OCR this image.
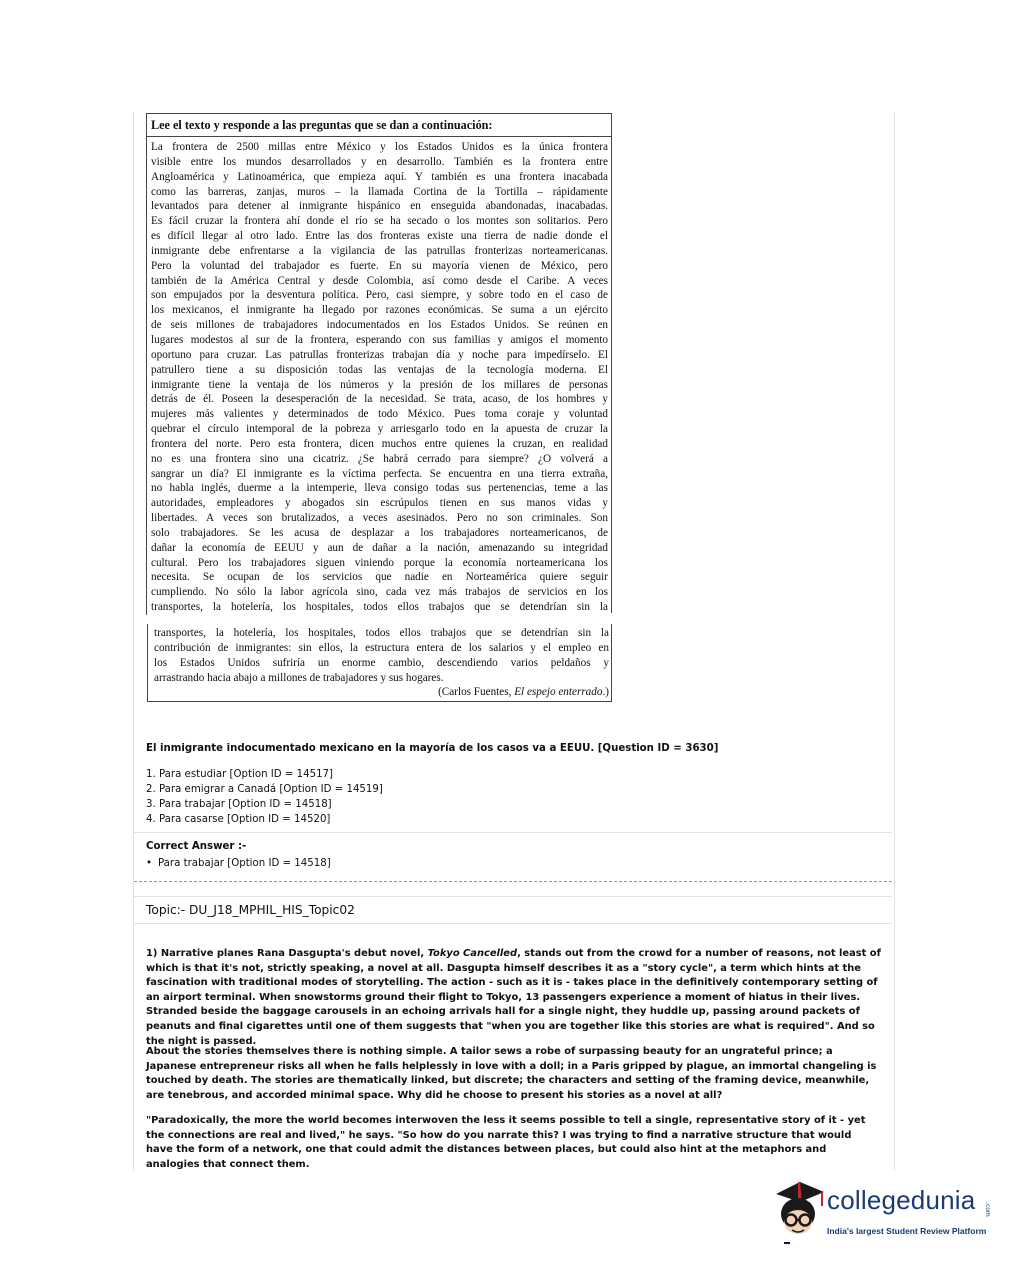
Lee el texto y responde a las preguntas que se dan a continuación:
La frontera de 2500 millas entre México y los Estados Unidos es la única frontera
visible entre los mundos desarrollados y en desarrollo. También es la frontera entre
Angloamérica y Latinoamérica, que empieza aquí. Y también es una frontera inacabada
como las barreras, zanjas, muros – la llamada Cortina de la Tortilla – rápidamente
levantados para detener al inmigrante hispánico en enseguida abandonadas, inacabadas.
Es fácil cruzar la frontera ahí donde el río se ha secado o los montes son solitarios. Pero
es difícil llegar al otro lado. Entre las dos fronteras existe una tierra de nadie donde el
inmigrante debe enfrentarse a la vigilancia de las patrullas fronterizas norteamericanas.
Pero la voluntad del trabajador es fuerte. En su mayoría vienen de México, pero
también de la América Central y desde Colombia, así como desde el Caribe. A veces
son empujados por la desventura política. Pero, casi siempre, y sobre todo en el caso de
los mexicanos, el inmigrante ha llegado por razones económicas. Se suma a un ejército
de seis millones de trabajadores indocumentados en los Estados Unidos. Se reúnen en
lugares modestos al sur de la frontera, esperando con sus familias y amigos el momento
oportuno para cruzar. Las patrullas fronterizas trabajan día y noche para impedírselo. El
patrullero tiene a su disposición todas las ventajas de la tecnología moderna. El
inmigrante tiene la ventaja de los números y la presión de los millares de personas
detrás de él. Poseen la desesperación de la necesidad. Se trata, acaso, de los hombres y
mujeres más valientes y determinados de todo México. Pues toma coraje y voluntad
quebrar el círculo intemporal de la pobreza y arriesgarlo todo en la apuesta de cruzar la
frontera del norte. Pero esta frontera, dicen muchos entre quienes la cruzan, en realidad
no es una frontera sino una cicatriz. ¿Se habrá cerrado para siempre? ¿O volverá a
sangrar un día? El inmigrante es la víctima perfecta. Se encuentra en una tierra extraña,
no habla inglés, duerme a la intemperie, lleva consigo todas sus pertenencias, teme a las
autoridades, empleadores y abogados sin escrúpulos tienen en sus manos vidas y
libertades. A veces son brutalizados, a veces asesinados. Pero no son criminales. Son
solo trabajadores. Se les acusa de desplazar a los trabajadores norteamericanos, de
dañar la economía de EEUU y aun de dañar a la nación, amenazando su integridad
cultural. Pero los trabajadores siguen viniendo porque la economía norteamericana los
necesita. Se ocupan de los servicios que nadie en Norteamérica quiere seguir
cumpliendo. No sólo la labor agrícola sino, cada vez más trabajos de servicios en los
transportes, la hotelería, los hospitales, todos ellos trabajos que se detendrían sin la
transportes, la hotelería, los hospitales, todos ellos trabajos que se detendrían sin la
contribución de inmigrantes: sin ellos, la estructura entera de los salarios y el empleo en
los Estados Unidos sufriría un enorme cambio, descendiendo varios peldaños y
arrastrando hacia abajo a millones de trabajadores y sus hogares.
(Carlos Fuentes, El espejo enterrado.)
El inmigrante indocumentado mexicano en la mayoría de los casos va a EEUU. [Question ID = 3630]
1. Para estudiar [Option ID = 14517]
2. Para emigrar a Canadá [Option ID = 14519]
3. Para trabajar [Option ID = 14518]
4. Para casarse [Option ID = 14520]
Correct Answer :-
• Para trabajar [Option ID = 14518]
Topic:- DU_J18_MPHIL_HIS_Topic02
1) Narrative planes Rana Dasgupta's debut novel, Tokyo Cancelled, stands out from the crowd for a number of reasons, not least of which is that it's not, strictly speaking, a novel at all. Dasgupta himself describes it as a "story cycle", a term which hints at the fascination with traditional modes of storytelling. The action - such as it is - takes place in the definitively contemporary setting of an airport terminal. When snowstorms ground their flight to Tokyo, 13 passengers experience a moment of hiatus in their lives. Stranded beside the baggage carousels in an echoing arrivals hall for a single night, they huddle up, passing around packets of peanuts and final cigarettes until one of them suggests that "when you are together like this stories are what is required". And so the night is passed.
About the stories themselves there is nothing simple. A tailor sews a robe of surpassing beauty for an ungrateful prince; a Japanese entrepreneur risks all when he falls helplessly in love with a doll; in a Paris gripped by plague, an immortal changeling is touched by death. The stories are thematically linked, but discrete; the characters and setting of the framing device, meanwhile, are tenebrous, and accorded minimal space. Why did he choose to present his stories as a novel at all?
"Paradoxically, the more the world becomes interwoven the less it seems possible to tell a single, representative story of it - yet the connections are real and lived," he says. "So how do you narrate this? I was trying to find a narrative structure that would have the form of a network, one that could admit the distances between places, but could also hint at the metaphors and analogies that connect them.
collegedunia .com
India's largest Student Review Platform
